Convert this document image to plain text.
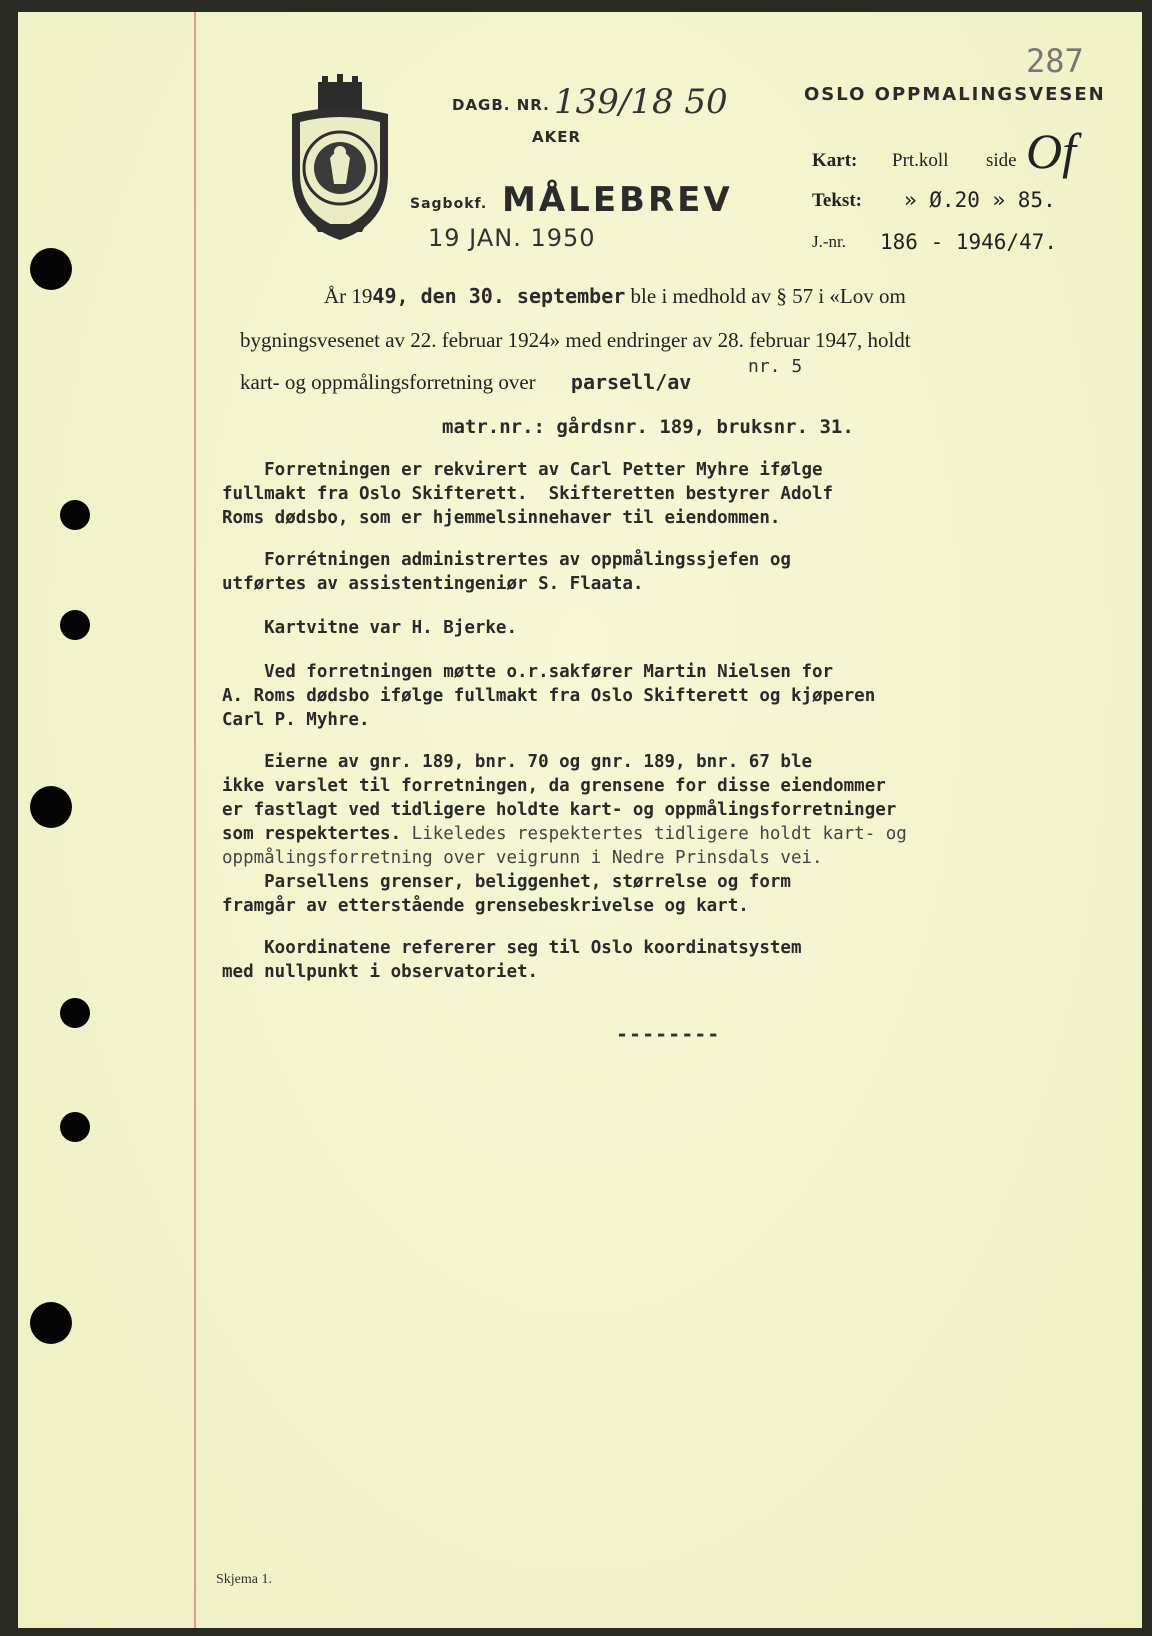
287
DAGB. NR. 139/18 50
AKER
Sagbokf. MÅLEBREV
19 JAN. 1950
OSLO OPPMALINGSVESEN
Kart: Prt.koll side Of
Tekst: » Ø.20 » 85.
J.-nr. 186 - 1946/47.
År 1949, den 30. september ble i medhold av § 57 i «Lov om
bygningsvesenet av 22. februar 1924» med endringer av 28. februar 1947, holdt
nr. 5
kart- og oppmålingsforretning over parsell/av
matr.nr.: gårdsnr. 189, bruksnr. 31.
Forretningen er rekvirert av Carl Petter Myhre ifølge
fullmakt fra Oslo Skifterett.  Skifteretten bestyrer Adolf
Roms dødsbo, som er hjemmelsinnehaver til eiendommen.
Forrétningen administrertes av oppmålingssjefen og
utførtes av assistentingeniør S. Flaata.
Kartvitne var H. Bjerke.
Ved forretningen møtte o.r.sakfører Martin Nielsen for
A. Roms dødsbo ifølge fullmakt fra Oslo Skifterett og kjøperen
Carl P. Myhre.
Eierne av gnr. 189, bnr. 70 og gnr. 189, bnr. 67 ble
ikke varslet til forretningen, da grensene for disse eiendommer
er fastlagt ved tidligere holdte kart- og oppmålingsforretninger
som respektertes. Likeledes respektertes tidligere holdt kart- og
oppmålingsforretning over veigrunn i Nedre Prinsdals vei.
Parsellens grenser, beliggenhet, størrelse og form
framgår av etterstående grensebeskrivelse og kart.
Koordinatene refererer seg til Oslo koordinatsystem
med nullpunkt i observatoriet.
--------
Skjema 1.
